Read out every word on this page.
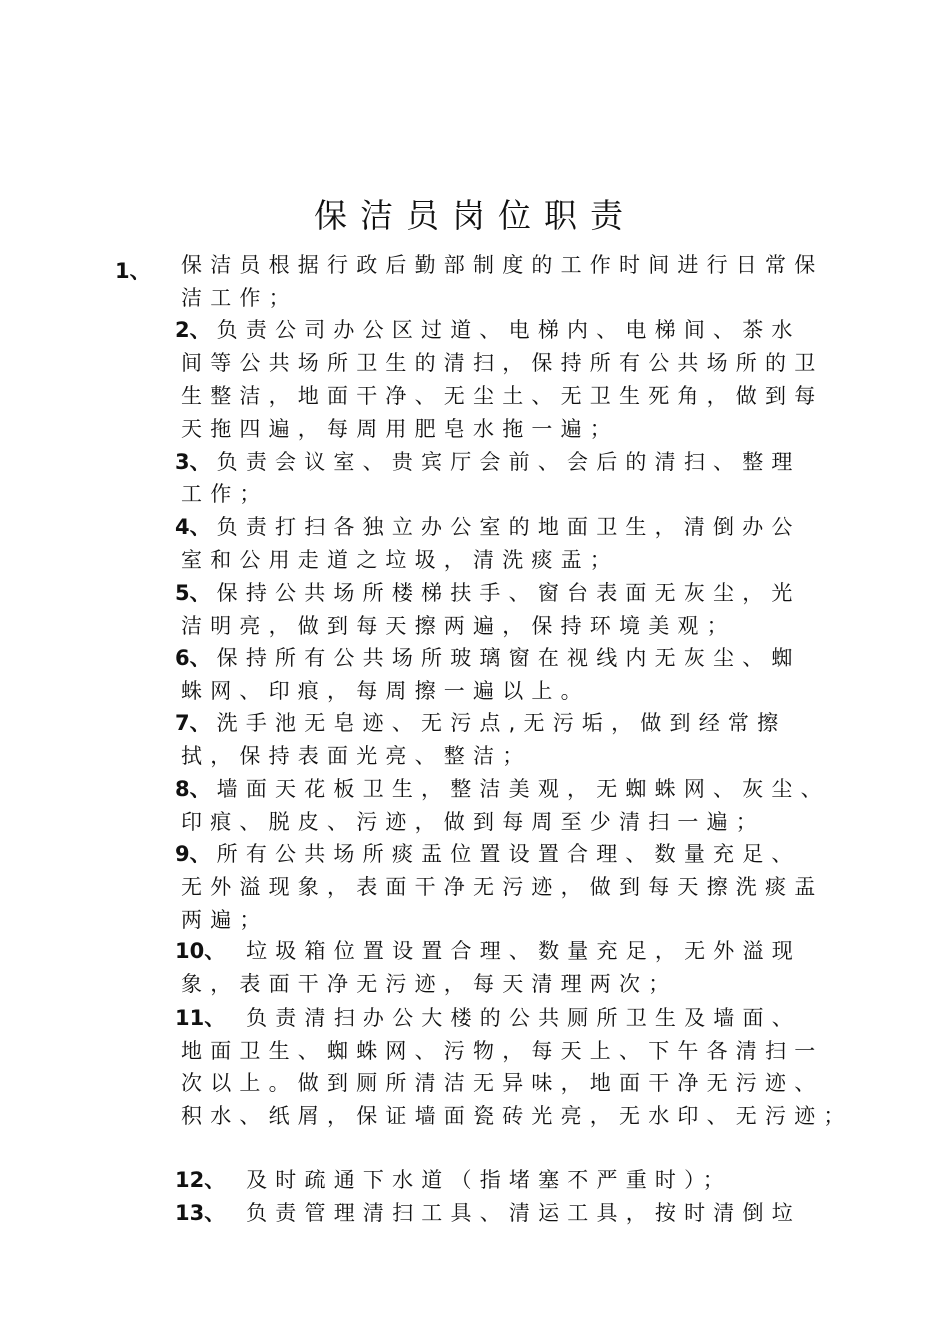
保洁员岗位职责
1、 保洁员根据行政后勤部制度的工作时间进行日常保
洁工作；
2、 负责公司办公区过道、电梯内、电梯间、茶水
间等公共场所卫生的清扫，保持所有公共场所的卫
生整洁，地面干净、无尘土、无卫生死角，做到每
天拖四遍，每周用肥皂水拖一遍；
3、 负责会议室、贵宾厅会前、会后的清扫、整理
工作；
4、 负责打扫各独立办公室的地面卫生，清倒办公
室和公用走道之垃圾，清洗痰盂；
5、 保持公共场所楼梯扶手、窗台表面无灰尘，光
洁明亮，做到每天擦两遍，保持环境美观；
6、 保持所有公共场所玻璃窗在视线内无灰尘、蜘
蛛网、印痕，每周擦一遍以上。
7、 洗手池无皂迹、无污点,无污垢，做到经常擦
拭，保持表面光亮、整洁；
8、 墙面天花板卫生，整洁美观，无蜘蛛网、灰尘、
印痕、脱皮、污迹，做到每周至少清扫一遍；
9、 所有公共场所痰盂位置设置合理、数量充足、
无外溢现象，表面干净无污迹，做到每天擦洗痰盂
两遍；
10、 垃圾箱位置设置合理、数量充足，无外溢现
象，表面干净无污迹，每天清理两次；
11、 负责清扫办公大楼的公共厕所卫生及墙面、
地面卫生、蜘蛛网、污物，每天上、下午各清扫一
次以上。做到厕所清洁无异味，地面干净无污迹、
积水、纸屑，保证墙面瓷砖光亮，无水印、无污迹；
12、 及时疏通下水道（指堵塞不严重时）；
13、 负责管理清扫工具、清运工具，按时清倒垃
